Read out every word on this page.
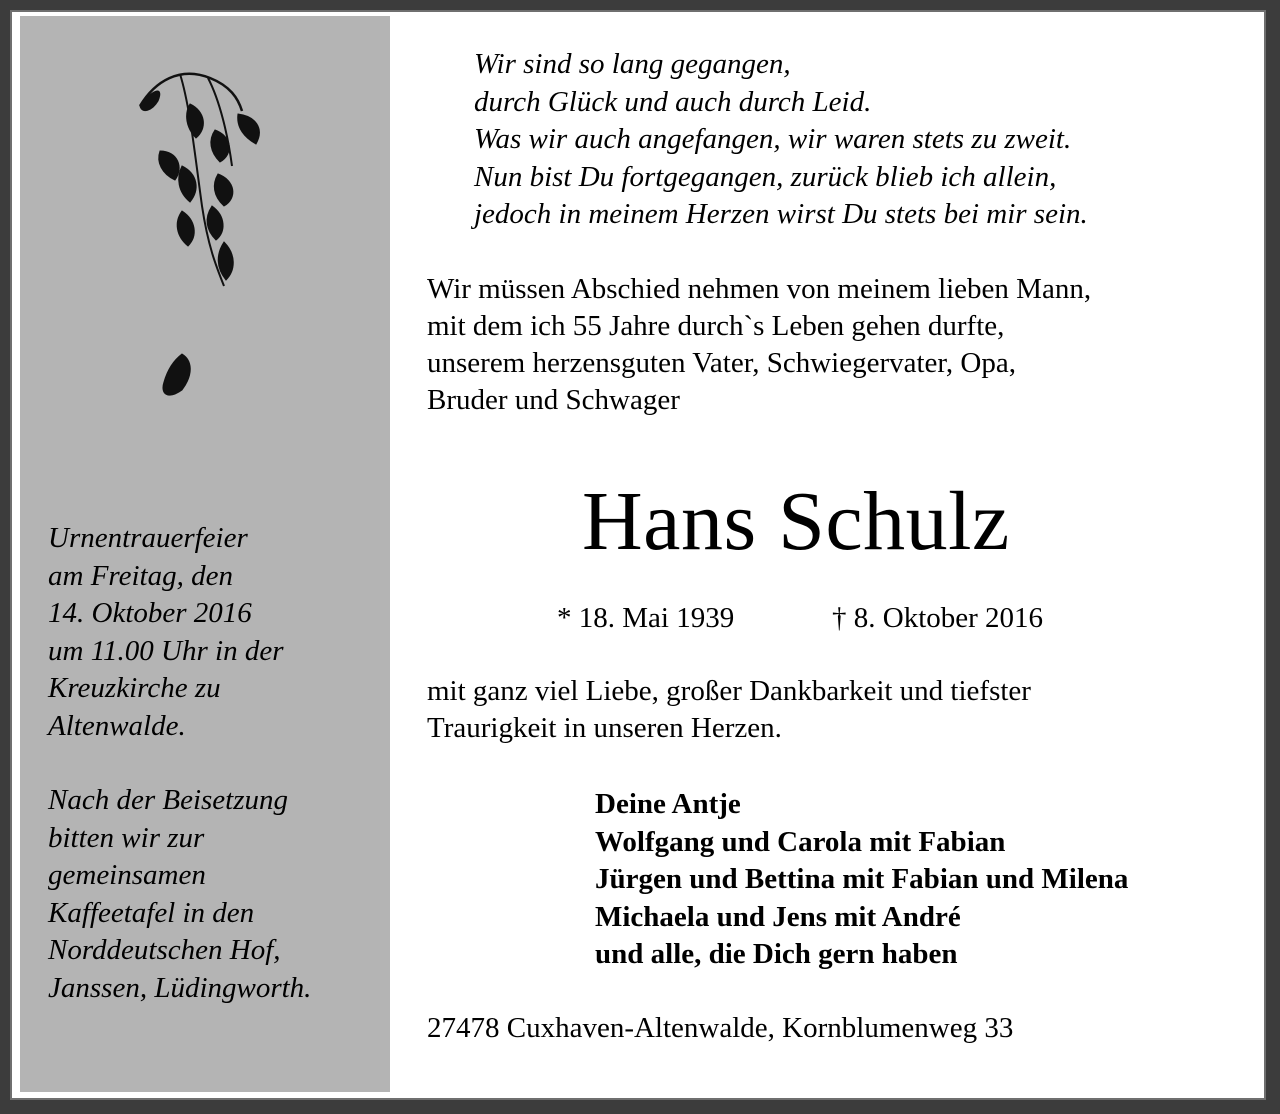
Urnentrauerfeier
am Freitag, den
14. Oktober 2016
um 11.00 Uhr in der
Kreuzkirche zu
Altenwalde.
Nach der Beisetzung
bitten wir zur
gemeinsamen
Kaffeetafel in den
Norddeutschen Hof,
Janssen, Lüdingworth.
Wir sind so lang gegangen,
durch Glück und auch durch Leid.
Was wir auch angefangen, wir waren stets zu zweit.
Nun bist Du fortgegangen, zurück blieb ich allein,
jedoch in meinem Herzen wirst Du stets bei mir sein.
Wir müssen Abschied nehmen von meinem lieben Mann,
mit dem ich 55 Jahre durch`s Leben gehen durfte,
unserem herzensguten Vater, Schwiegervater, Opa,
Bruder und Schwager
Hans Schulz
* 18. Mai 1939	† 8. Oktober 2016
mit ganz viel Liebe, großer Dankbarkeit und tiefster
Traurigkeit in unseren Herzen.
Deine Antje
Wolfgang und Carola mit Fabian
Jürgen und Bettina mit Fabian und Milena
Michaela und Jens mit André
und alle, die Dich gern haben
27478 Cuxhaven-Altenwalde, Kornblumenweg 33
